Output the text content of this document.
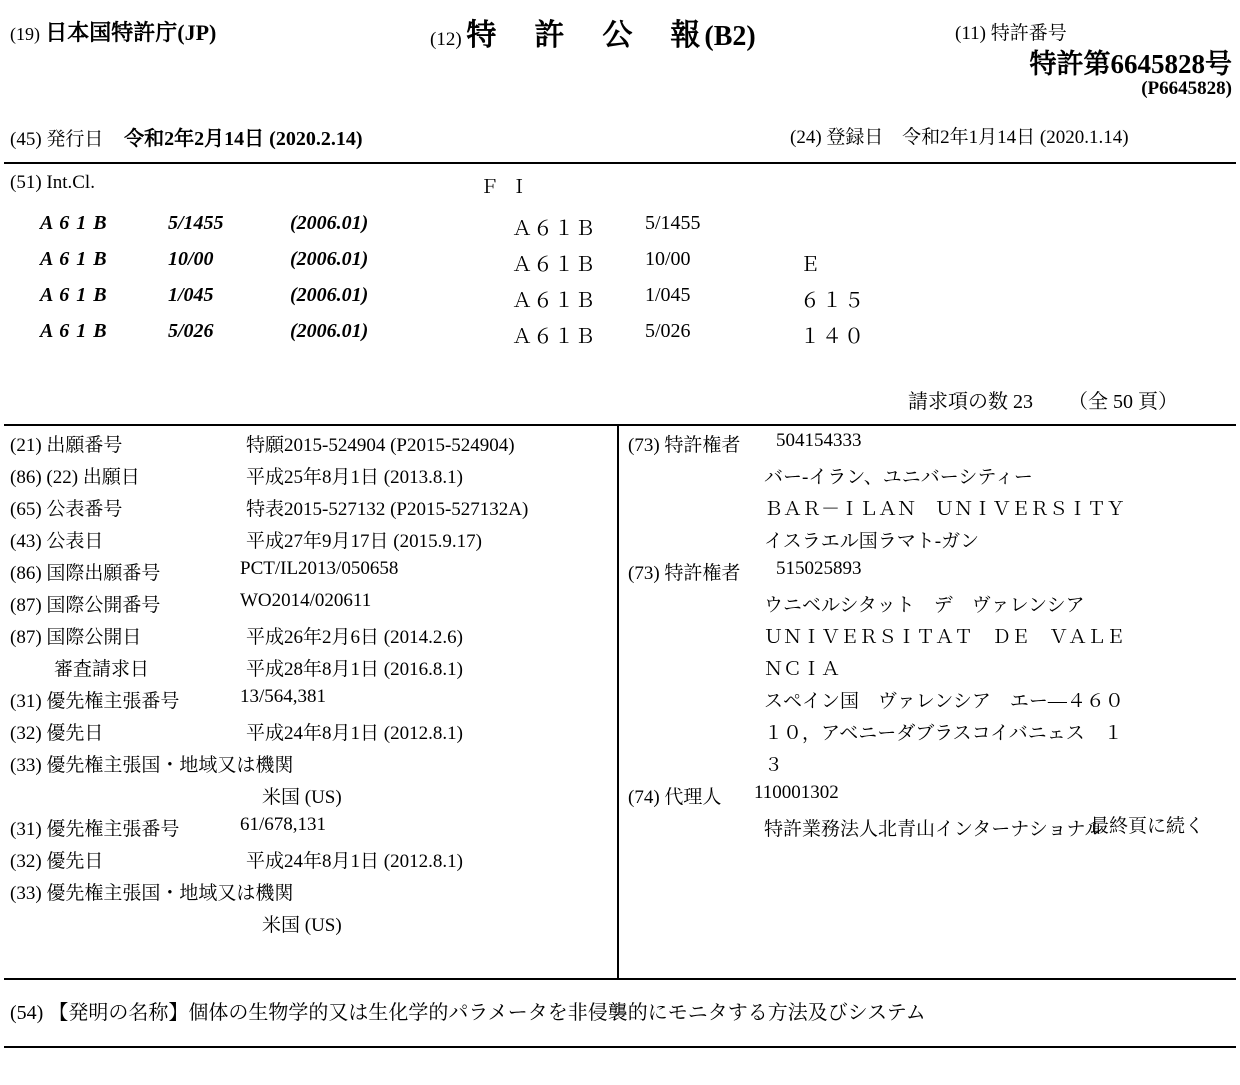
(19) 日本国特許庁(JP)	(12) 特　許　公　報(B2)	(11) 特許番号
特許第6645828号
(P6645828)
(45) 発行日 令和2年2月14日 (2020.2.14)	(24) 登録日 令和2年1月14日 (2020.1.14)
(51) Int.Cl.	Ｆ Ｉ
A 6 1 B	5/1455	(2006.01)	Ａ６１Ｂ 5/1455
A 6 1 B	10/00	(2006.01)	Ａ６１Ｂ 10/00	Ｅ
A 6 1 B	1/045	(2006.01)	Ａ６１Ｂ 1/045	６１５
A 6 1 B	5/026	(2006.01)	Ａ６１Ｂ 5/026	１４０
請求項の数 23 （全 50 頁）
(21) 出願番号	特願2015-524904 (P2015-524904)
(86) (22) 出願日	平成25年8月1日 (2013.8.1)
(65) 公表番号	特表2015-527132 (P2015-527132A)
(43) 公表日	平成27年9月17日 (2015.9.17)
(86) 国際出願番号	PCT/IL2013/050658
(87) 国際公開番号	WO2014/020611
(87) 国際公開日	平成26年2月6日 (2014.2.6)
審査請求日	平成28年8月1日 (2016.8.1)
(31) 優先権主張番号	13/564,381
(32) 優先日	平成24年8月1日 (2012.8.1)
(33) 優先権主張国・地域又は機関
米国 (US)
(31) 優先権主張番号	61/678,131
(32) 優先日	平成24年8月1日 (2012.8.1)
(33) 優先権主張国・地域又は機関
米国 (US)
(73) 特許権者 504154333
バー‐イラン、ユニバーシティー
ＢＡＲ－ＩＬＡＮ　ＵＮＩＶＥＲＳＩＴＹ
イスラエル国ラマト‐ガン
(73) 特許権者 515025893
ウニベルシタット　デ　ヴァレンシア
ＵＮＩＶＥＲＳＩＴＡＴ　ＤＥ　ＶＡＬＥ
ＮＣＩＡ
スペイン国　ヴァレンシア　エー―４６０
１０，アベニーダブラスコイバニェス　１
３
(74) 代理人 110001302
特許業務法人北青山インターナショナル
最終頁に続く
(54) 【発明の名称】個体の生物学的又は生化学的パラメータを非侵襲的にモニタする方法及びシステム
